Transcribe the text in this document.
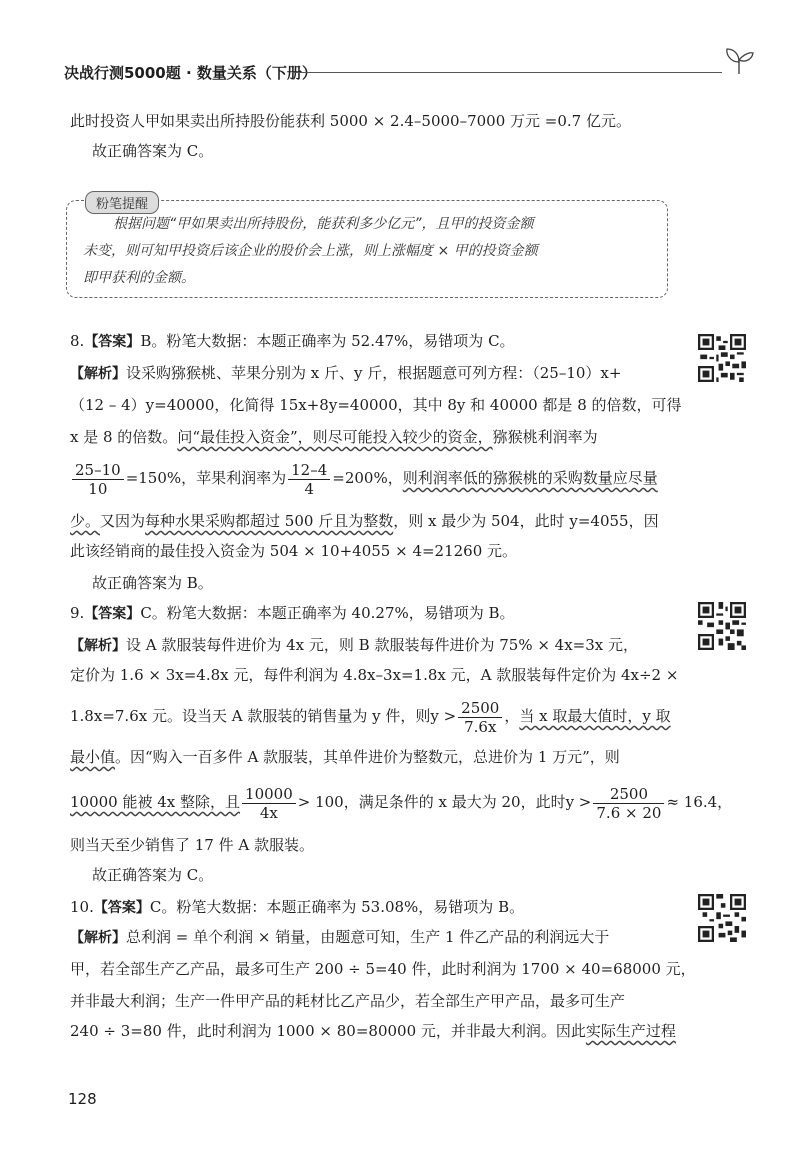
决战行测5000题 · 数量关系（下册）
此时投资人甲如果卖出所持股份能获利 5000 × 2.4–5000–7000 万元 =0.7 亿元。
故正确答案为 C。
粉笔提醒
根据问题“甲如果卖出所持股份，能获利多少亿元”，且甲的投资金额
未变，则可知甲投资后该企业的股价会上涨，则上涨幅度 × 甲的投资金额
即甲获利的金额。
8.【答案】B。粉笔大数据：本题正确率为 52.47%，易错项为 C。
【解析】设采购猕猴桃、苹果分别为 x 斤、y 斤，根据题意可列方程：（25–10）x+
（12 – 4）y=40000，化简得 15x+8y=40000，其中 8y 和 40000 都是 8 的倍数，可得
x 是 8 的倍数。问“最佳投入资金”，则尽可能投入较少的资金，猕猴桃利润率为
$\frac{25-10}{10} =150\%$，苹果利润率为 $\frac{12-4}{4} =200\%$，则利润率低的猕猴桃的采购数量应尽量
少。又因为每种水果采购都超过 500 斤且为整数，则 x 最少为 504，此时 y=4055，因
此该经销商的最佳投入资金为 504 × 10+4055 × 4=21260 元。
故正确答案为 B。
9.【答案】C。粉笔大数据：本题正确率为 40.27%，易错项为 B。
【解析】设 A 款服装每件进价为 4x 元，则 B 款服装每件进价为 75% × 4x=3x 元，
定价为 1.6 × 3x=4.8x 元，每件利润为 4.8x–3x=1.8x 元，A 款服装每件定价为 4x÷2 ×
1.8x=7.6x 元。设当天 A 款服装的销售量为 y 件，则$y > \frac{2500}{7.6x}$ ，当 x 取最大值时，y 取
最小值。因“购入一百多件 A 款服装，其单件进价为整数元，总进价为 1 万元”，则
10000 能被 4x 整除，且 $\frac{10000}{4x} > 100$，满足条件的 x 最大为 20，此时$y > \frac{2500}{7.6 \times 20} \approx 16.4$，
则当天至少销售了 17 件 A 款服装。
故正确答案为 C。
10.【答案】C。粉笔大数据：本题正确率为 53.08%，易错项为 B。
【解析】总利润 = 单个利润 × 销量，由题意可知，生产 1 件乙产品的利润远大于
甲，若全部生产乙产品，最多可生产 200 ÷ 5=40 件，此时利润为 1700 × 40=68000 元，
并非最大利润；生产一件甲产品的耗材比乙产品少，若全部生产甲产品，最多可生产
240 ÷ 3=80 件，此时利润为 1000 × 80=80000 元，并非最大利润。因此实际生产过程
128
